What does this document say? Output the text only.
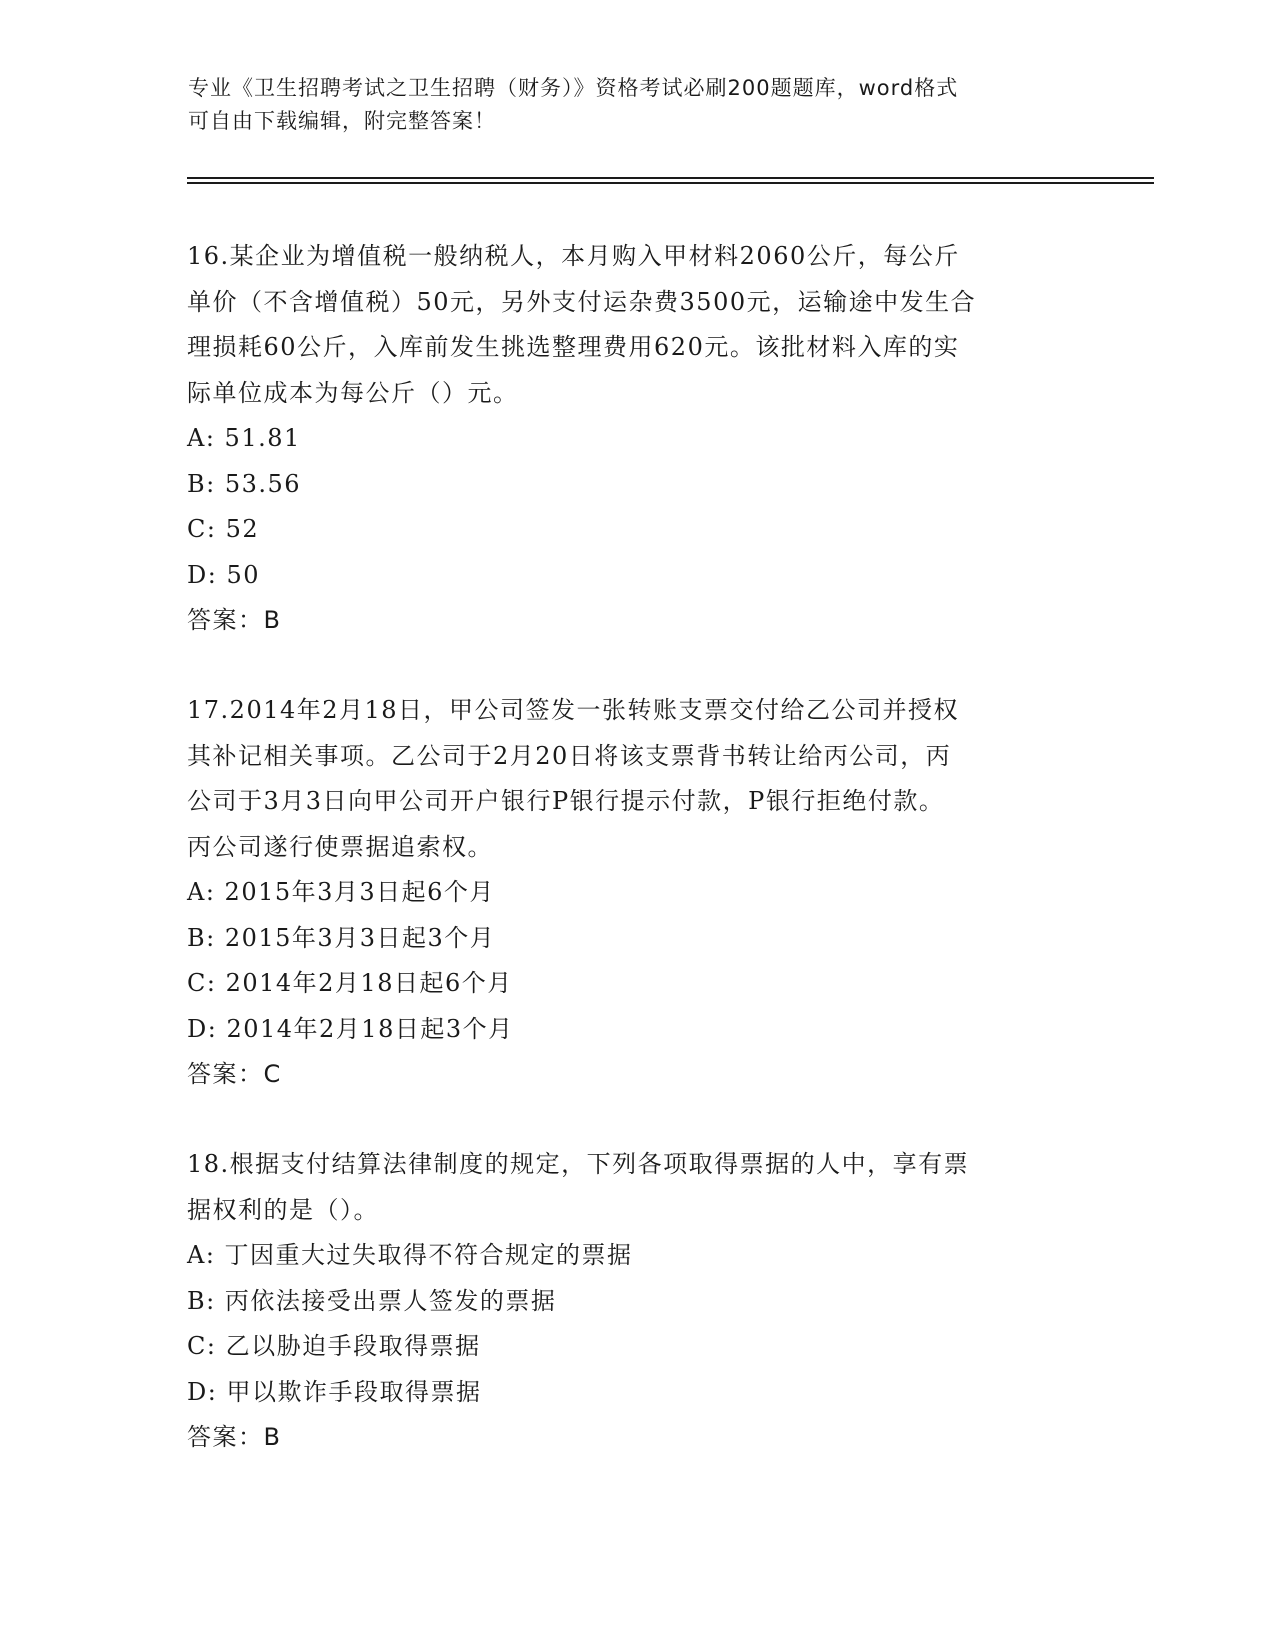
专业《卫生招聘考试之卫生招聘（财务）》资格考试必刷200题题库，word格式
可自由下载编辑，附完整答案！
16.某企业为增值税一般纳税人，本月购入甲材料2060公斤，每公斤
单价（不含增值税）50元，另外支付运杂费3500元，运输途中发生合
理损耗60公斤，入库前发生挑选整理费用620元。该批材料入库的实
际单位成本为每公斤（）元。
A: 51.81
B: 53.56
C: 52
D: 50
答案：B
17.2014年2月18日，甲公司签发一张转账支票交付给乙公司并授权
其补记相关事项。乙公司于2月20日将该支票背书转让给丙公司，丙
公司于3月3日向甲公司开户银行P银行提示付款，P银行拒绝付款。
丙公司遂行使票据追索权。
A: 2015年3月3日起6个月
B: 2015年3月3日起3个月
C: 2014年2月18日起6个月
D: 2014年2月18日起3个月
答案：C
18.根据支付结算法律制度的规定，下列各项取得票据的人中，享有票
据权利的是（）。
A: 丁因重大过失取得不符合规定的票据
B: 丙依法接受出票人签发的票据
C: 乙以胁迫手段取得票据
D: 甲以欺诈手段取得票据
答案：B
